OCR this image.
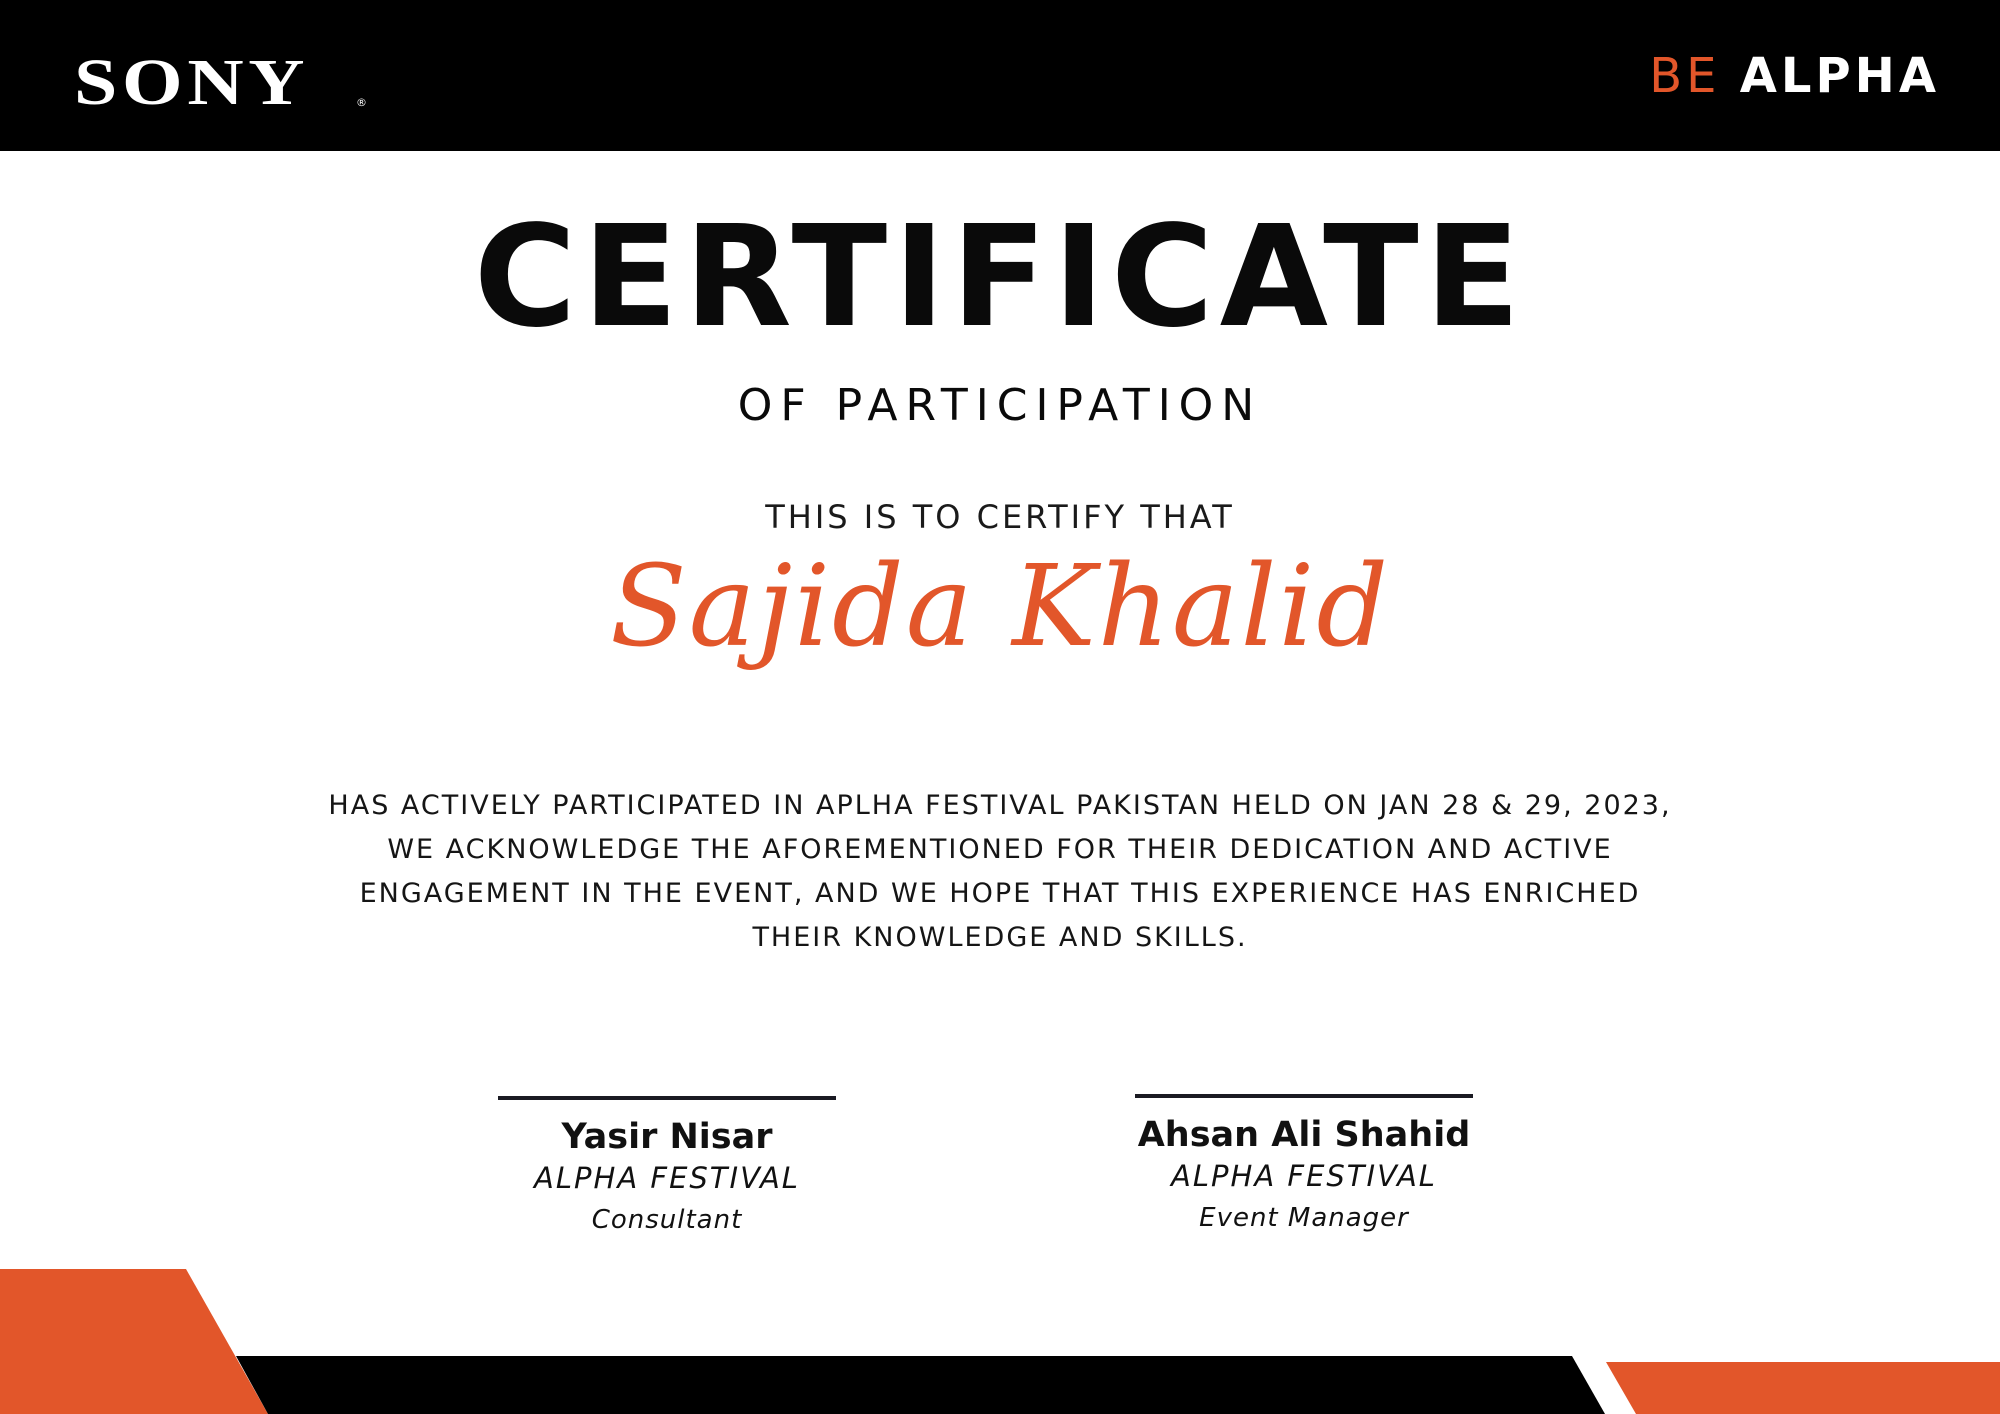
SONY	®	BE ALPHA
CERTIFICATE
OF PARTICIPATION
THIS IS TO CERTIFY THAT
Sajida Khalid
HAS ACTIVELY PARTICIPATED IN APLHA FESTIVAL PAKISTAN HELD ON JAN 28 & 29, 2023,
WE ACKNOWLEDGE THE AFOREMENTIONED FOR THEIR DEDICATION AND ACTIVE
ENGAGEMENT IN THE EVENT, AND WE HOPE THAT THIS EXPERIENCE HAS ENRICHED
THEIR KNOWLEDGE AND SKILLS.
Yasir Nisar
ALPHA FESTIVAL
Consultant
Ahsan Ali Shahid
ALPHA FESTIVAL
Event Manager
